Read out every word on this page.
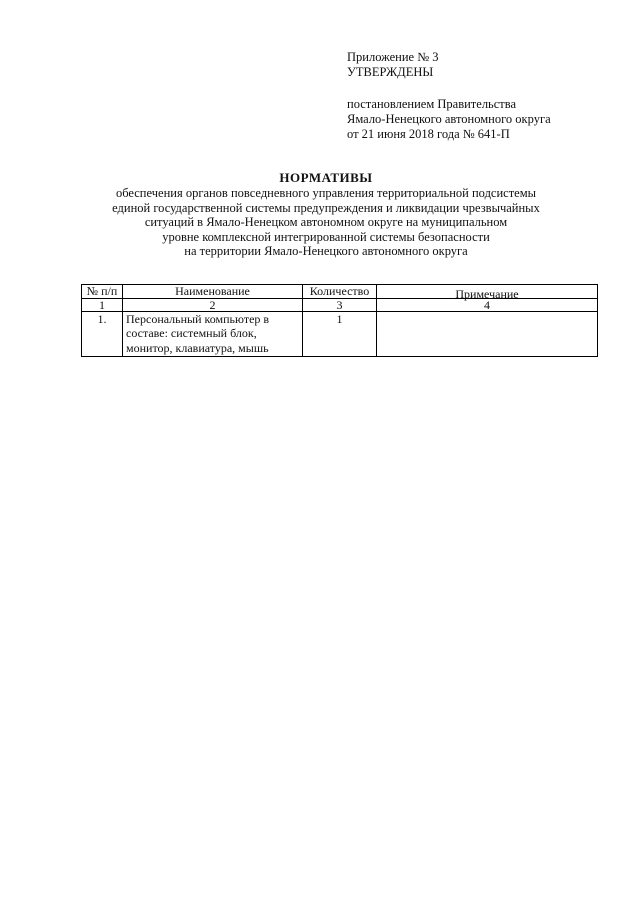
Приложение № 3
УТВЕРЖДЕНЫ
постановлением Правительства
Ямало-Ненецкого автономного округа
от 21 июня 2018 года № 641-П
НОРМАТИВЫ
обеспечения органов повседневного управления территориальной подсистемы
единой государственной системы предупреждения и ликвидации чрезвычайных
ситуаций в Ямало-Ненецком автономном округе на муниципальном
уровне комплексной интегрированной системы безопасности
на территории Ямало-Ненецкого автономного округа
№ п/п	Наименование	Количество	Примечание
1	2	3	4
1.	Персональный компьютер в
составе: системный блок,
монитор, клавиатура, мышь	1	
